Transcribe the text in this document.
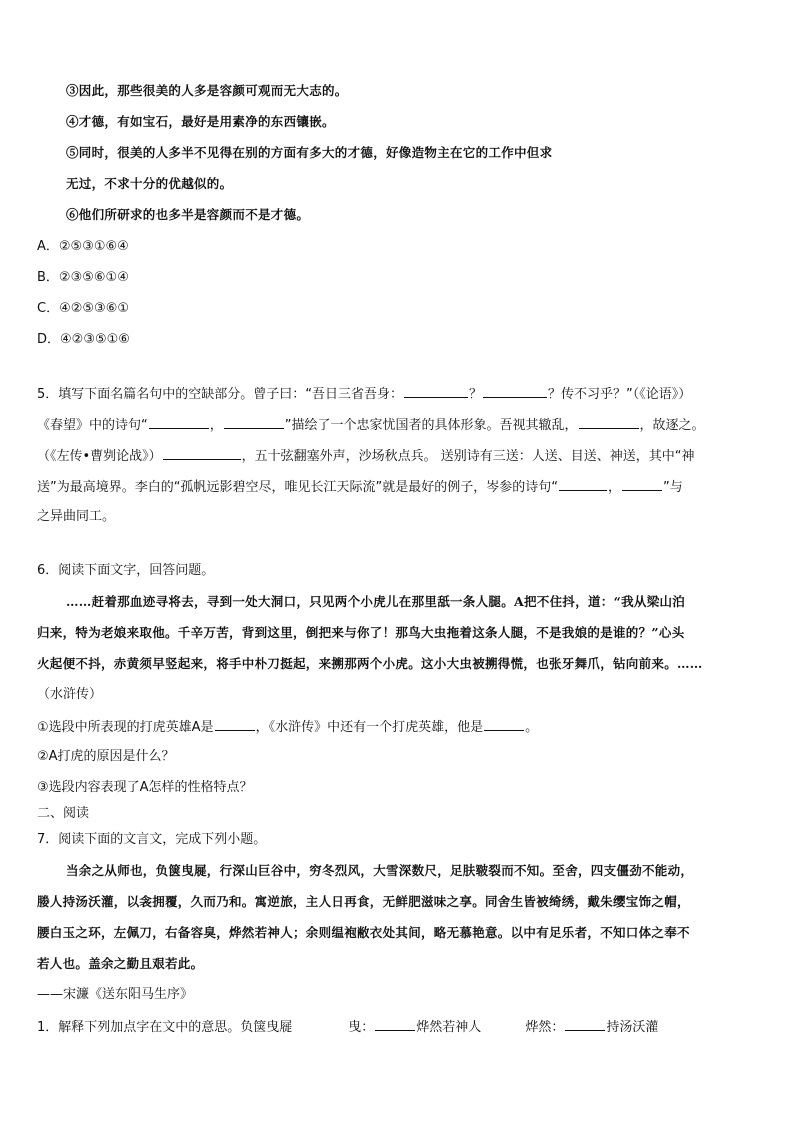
③因此，那些很美的人多是容颜可观而无大志的。
④才德，有如宝石，最好是用素净的东西镶嵌。
⑤同时，很美的人多半不见得在别的方面有多大的才德，好像造物主在它的工作中但求
无过，不求十分的优越似的。
⑥他们所研求的也多半是容颜而不是才德。
A．②⑤③①⑥④
B．②③⑤⑥①④
C．④②⑤③⑥①
D．④②③⑤①⑥
5．填写下面名篇名句中的空缺部分。曾子曰：“吾日三省吾身：	？	？传不习乎？”（《论语》）
《春望》中的诗句“	，	”描绘了一个忠家忧国者的具体形象。吾视其辙乱，	，故逐之。
（《左传•曹刿论战》）	，五十弦翻塞外声，沙场秋点兵。 送别诗有三送：人送、目送、神送，其中“神
送”为最高境界。李白的“孤帆远影碧空尽，唯见长江天际流”就是最好的例子，岑参的诗句“	，	”与
之异曲同工。
6．阅读下面文字，回答问题。
……赶着那血迹寻将去，寻到一处大洞口，只见两个小虎儿在那里舐一条人腿。A把不住抖，道：“我从梁山泊
归来，特为老娘来取他。千辛万苦，背到这里，倒把来与你了！那鸟大虫拖着这条人腿，不是我娘的是谁的？”心头
火起便不抖，赤黄须早竖起来，将手中朴刀挺起，来搠那两个小虎。这小大虫被搠得慌，也张牙舞爪，钻向前来。……
（水浒传）
①选段中所表现的打虎英雄A是	，《水浒传》中还有一个打虎英雄，他是	。
②A打虎的原因是什么？
③选段内容表现了A怎样的性格特点？
二、阅读
7．阅读下面的文言文，完成下列小题。
当余之从师也，负箧曳屣，行深山巨谷中，穷冬烈风，大雪深数尺，足肤皲裂而不知。至舍，四支僵劲不能动，
媵人持汤沃灌，以衾拥覆，久而乃和。寓逆旅，主人日再食，无鲜肥滋味之享。同舍生皆被绮绣，戴朱缨宝饰之帽，
腰白玉之环，左佩刀，右备容臭，烨然若神人；余则缊袍敝衣处其间，略无慕艳意。以中有足乐者，不知口体之奉不
若人也。盖余之勤且艰若此。
——宋濂《送东阳马生序》
1．解释下列加点字在文中的意思。负箧曳屣	曳：	烨然若神人	烨然：	持汤沃灌
